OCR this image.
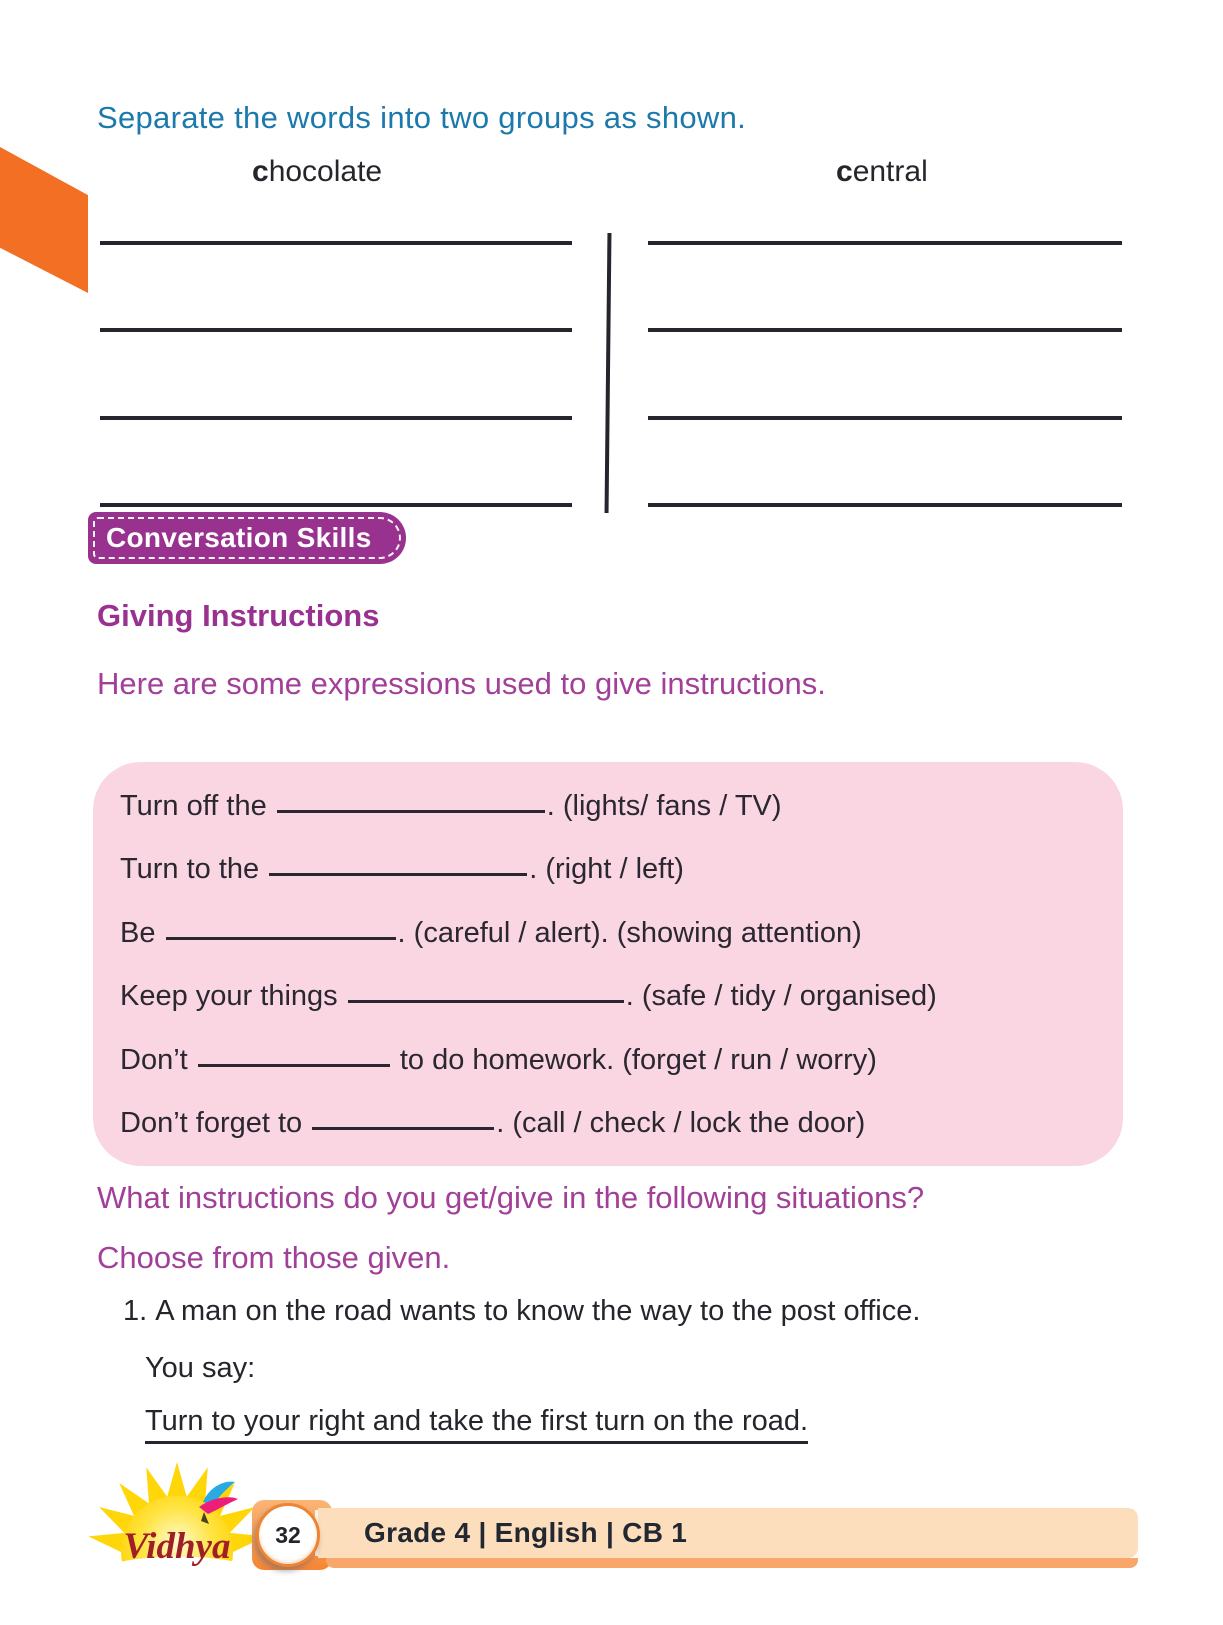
Separate the words into two groups as shown.
chocolate	central
Conversation Skills
Giving Instructions
Here are some expressions used to give instructions.
Turn off the	. (lights/ fans / TV)
Turn to the	. (right / left)
Be	. (careful / alert). (showing attention)
Keep your things	. (safe / tidy / organised)
Don’t	to do homework. (forget / run / worry)
Don’t forget to	. (call / check / lock the door)
What instructions do you get/give in the following situations?
Choose from those given.
1. A man on the road wants to know the way to the post office.
You say:
Turn to your right and take the first turn on the road.
Vidhya	Grade 4 | English | CB 1
32
